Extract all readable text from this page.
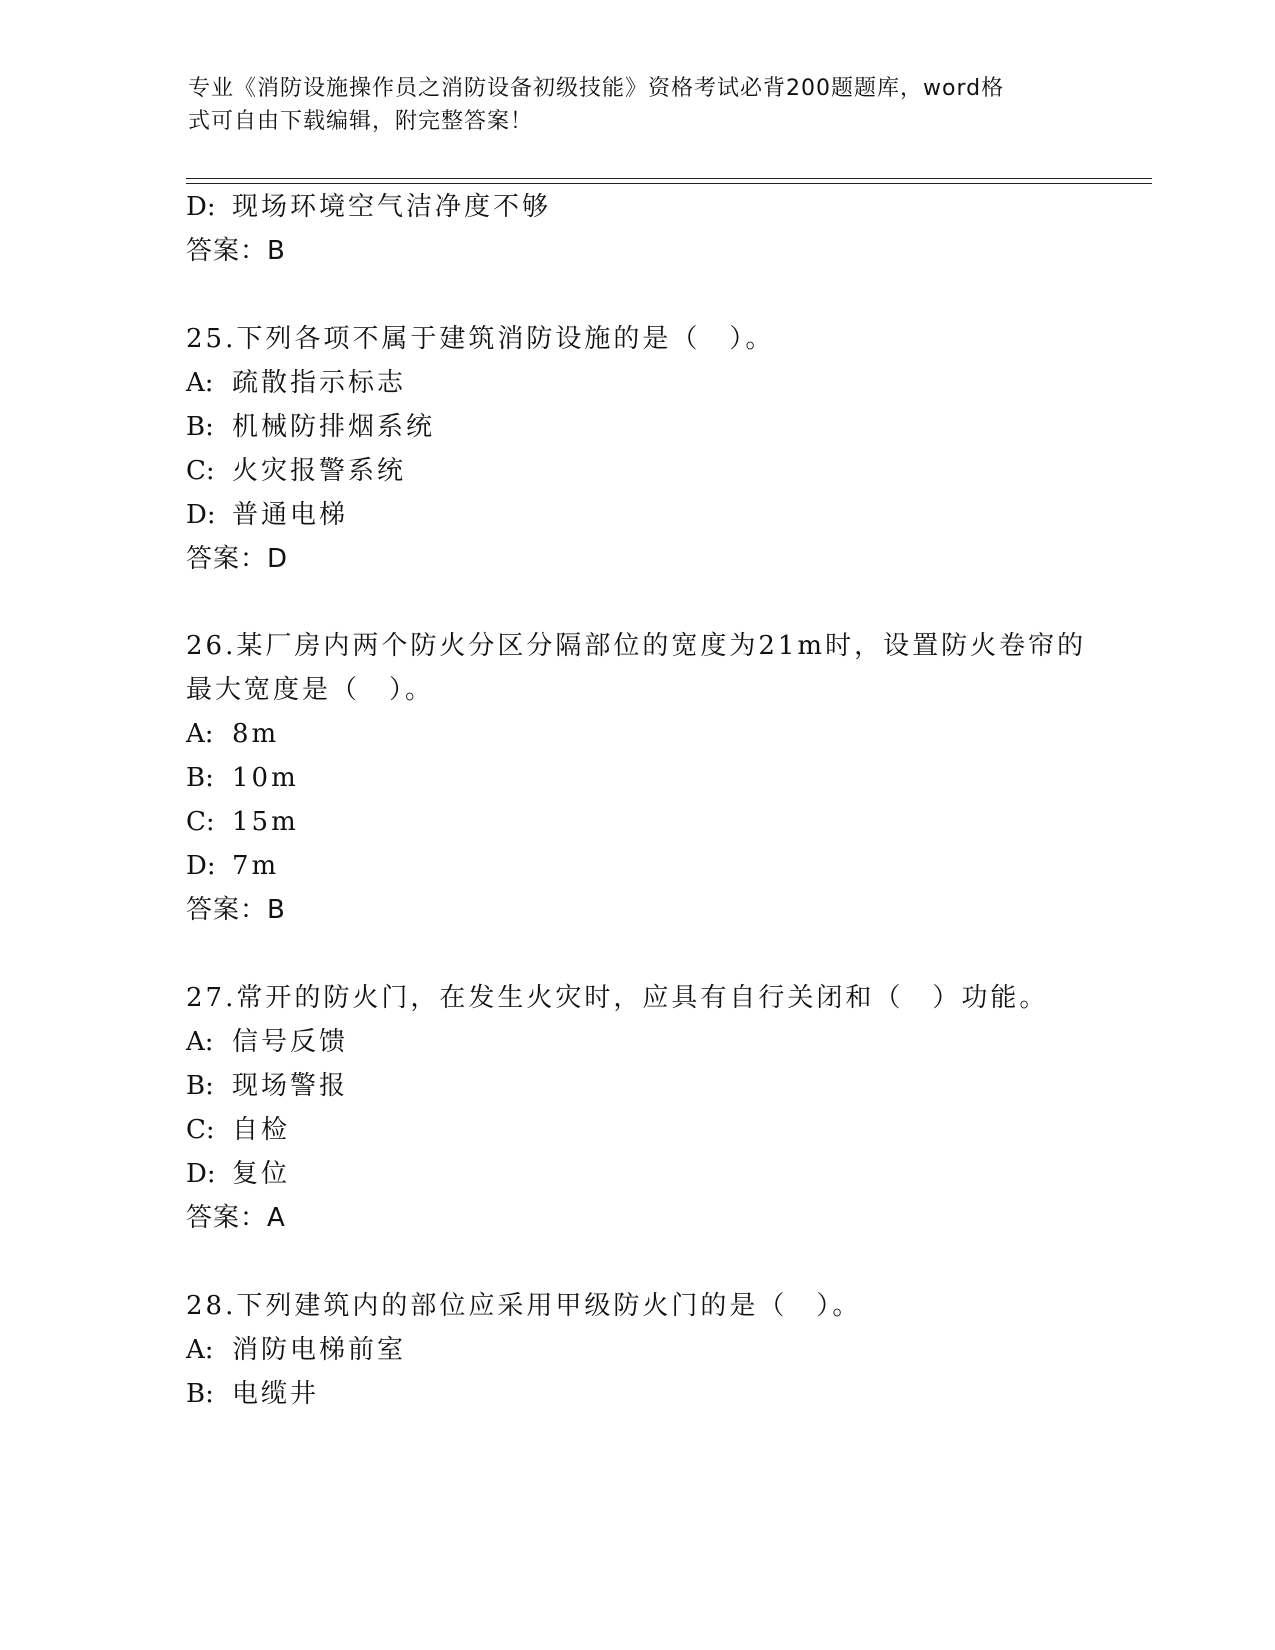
专业《消防设施操作员之消防设备初级技能》资格考试必背200题题库，word格
式可自由下载编辑，附完整答案！
D: 现场环境空气洁净度不够
答案：B
25.下列各项不属于建筑消防设施的是（　）。
A: 疏散指示标志
B: 机械防排烟系统
C: 火灾报警系统
D: 普通电梯
答案：D
26.某厂房内两个防火分区分隔部位的宽度为21m时，设置防火卷帘的
最大宽度是（　）。
A: 8m
B: 10m
C: 15m
D: 7m
答案：B
27.常开的防火门，在发生火灾时，应具有自行关闭和（　）功能。
A: 信号反馈
B: 现场警报
C: 自检
D: 复位
答案：A
28.下列建筑内的部位应采用甲级防火门的是（　）。
A: 消防电梯前室
B: 电缆井
